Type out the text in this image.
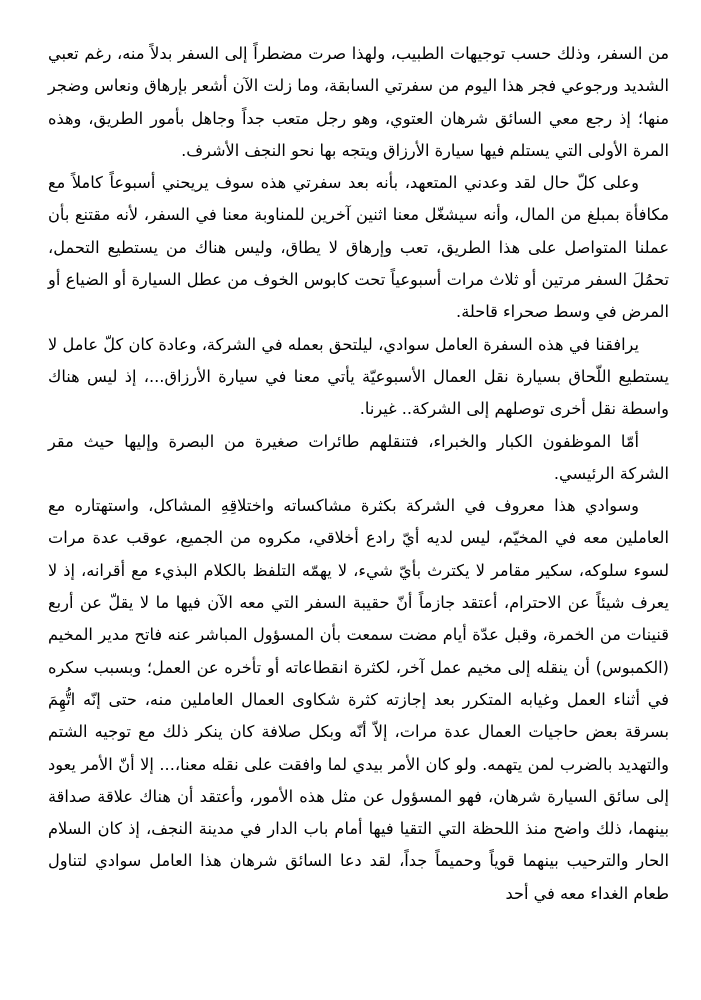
من السفر، وذلك حسب توجيهات الطبيب، ولهذا صرت مضطراً إلى السفر بدلاً منه، رغم تعبي الشديد ورجوعي فجر هذا اليوم من سفرتي السابقة، وما زلت الآن أشعر بإرهاق ونعاس وضجر منها؛ إذ رجع معي السائق شرهان العتوي، وهو رجل متعب جداً وجاهل بأمور الطريق، وهذه المرة الأولى التي يستلم فيها سيارة الأرزاق ويتجه بها نحو النجف الأشرف.

وعلى كلّ حال لقد وعدني المتعهد، بأنه بعد سفرتي هذه سوف يريحني أسبوعاً كاملاً مع مكافأة بمبلغ من المال، وأنه سيشغّل معنا اثنين آخرين للمناوبة معنا في السفر، لأنه مقتنع بأن عملنا المتواصل على هذا الطريق، تعب وإرهاق لا يطاق، وليس هناك من يستطيع التحمل، تحمُلَ السفر مرتين أو ثلاث مرات أسبوعياً تحت كابوس الخوف من عطل السيارة أو الضياع أو المرض في وسط صحراء قاحلة.

يرافقنا في هذه السفرة العامل سوادي، ليلتحق بعمله في الشركة، وعادة كان كلّ عامل لا يستطيع اللّحاق بسيارة نقل العمال الأسبوعيّة يأتي معنا في سيارة الأرزاق...، إذ ليس هناك واسطة نقل أخرى توصلهم إلى الشركة.. غيرنا.

أمّا الموظفون الكبار والخبراء، فتنقلهم طائرات صغيرة من البصرة وإليها حيث مقر الشركة الرئيسي.

وسوادي هذا معروف في الشركة بكثرة مشاكساته واختلاقِهِ المشاكل، واستهتاره مع العاملين معه في المخيّم، ليس لديه أيّ رادع أخلاقي، مكروه من الجميع، عوقب عدة مرات لسوء سلوكه، سكير مقامر لا يكترث بأيّ شيء، لا يهمّه التلفظ بالكلام البذيء مع أقرانه، إذ لا يعرف شيئاً عن الاحترام، أعتقد جازماً أنّ حقيبة السفر التي معه الآن فيها ما لا يقلّ عن أربع قنينات من الخمرة، وقبل عدّة أيام مضت سمعت بأن المسؤول المباشر عنه فاتح مدير المخيم (الكمبوس) أن ينقله إلى مخيم عمل آخر، لكثرة انقطاعاته أو تأخره عن العمل؛ وبسبب سكره في أثناء العمل وغيابه المتكرر بعد إجازته كثرة شكاوى العمال العاملين منه، حتى إنّه اتُّهِمَ بسرقة بعض حاجيات العمال عدة مرات، إلاّ أنّه وبكل صلافة كان ينكر ذلك مع توجيه الشتم والتهديد بالضرب لمن يتهمه. ولو كان الأمر بيدي لما وافقت على نقله معنا،... إلا أنّ الأمر يعود إلى سائق السيارة شرهان، فهو المسؤول عن مثل هذه الأمور، وأعتقد أن هناك علاقة صداقة بينهما، ذلك واضح منذ اللحظة التي التقيا فيها أمام باب الدار في مدينة النجف، إذ كان السلام الحار والترحيب بينهما قوياً وحميماً جداً، لقد دعا السائق شرهان هذا العامل سوادي لتناول طعام الغداء معه في أحد
